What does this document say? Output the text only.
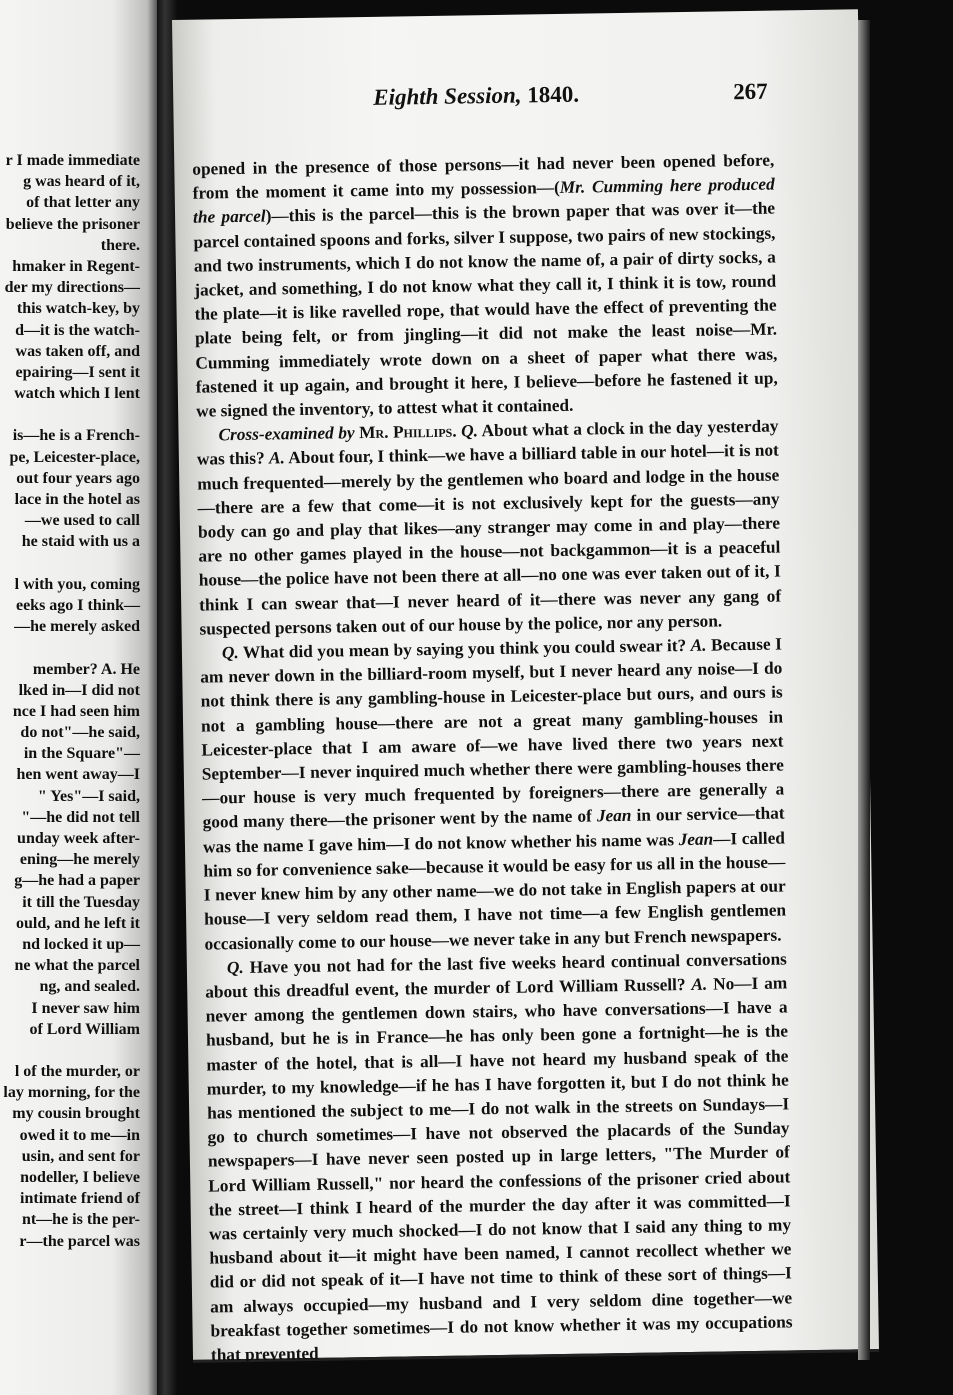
r I made immediate
g was heard of it,
of that letter any
believe the prisoner
there.
hmaker in Regent-
der my directions—
this watch-key, by
d—it is the watch-
was taken off, and
epairing—I sent it
watch which I lent
is—he is a French-
pe, Leicester-place,
out four years ago
lace in the hotel as
—we used to call
he staid with us a
l with you, coming
eeks ago I think—
—he merely asked
member? A. He
lked in—I did not
nce I had seen him
do not"—he said,
in the Square"—
hen went away—I
" Yes"—I said,
"—he did not tell
unday week after-
ening—he merely
g—he had a paper
it till the Tuesday
ould, and he left it
nd locked it up—
ne what the parcel
ng, and sealed.
I never saw him
of Lord William
l of the murder, or
lay morning, for the
my cousin brought
owed it to me—in
usin, and sent for
nodeller, I believe
intimate friend of
nt—he is the per-
r—the parcel was
Eighth Session, 1840.	267

opened in the presence of those persons—it had never been opened before, from the moment it came into my possession—(Mr. Cumming here produced the parcel)—this is the parcel—this is the brown paper that was over it—the parcel contained spoons and forks, silver I suppose, two pairs of new stockings, and two instruments, which I do not know the name of, a pair of dirty socks, a jacket, and something, I do not know what they call it, I think it is tow, round the plate—it is like ravelled rope, that would have the effect of preventing the plate being felt, or from jingling—it did not make the least noise—Mr. Cumming immediately wrote down on a sheet of paper what there was, fastened it up again, and brought it here, I believe—before he fastened it up, we signed the inventory, to attest what it contained.

Cross-examined by Mr. Phillips. Q. About what a clock in the day yesterday was this? A. About four, I think—we have a billiard table in our hotel—it is not much frequented—merely by the gentlemen who board and lodge in the house—there are a few that come—it is not exclusively kept for the guests—any body can go and play that likes—any stranger may come in and play—there are no other games played in the house—not backgammon—it is a peaceful house—the police have not been there at all—no one was ever taken out of it, I think I can swear that—I never heard of it—there was never any gang of suspected persons taken out of our house by the police, nor any person.

Q. What did you mean by saying you think you could swear it? A. Because I am never down in the billiard-room myself, but I never heard any noise—I do not think there is any gambling-house in Leicester-place but ours, and ours is not a gambling house—there are not a great many gambling-houses in Leicester-place that I am aware of—we have lived there two years next September—I never inquired much whether there were gambling-houses there—our house is very much frequented by foreigners—there are generally a good many there—the prisoner went by the name of Jean in our service—that was the name I gave him—I do not know whether his name was Jean—I called him so for convenience sake—because it would be easy for us all in the house—I never knew him by any other name—we do not take in English papers at our house—I very seldom read them, I have not time—a few English gentlemen occasionally come to our house—we never take in any but French newspapers.

Q. Have you not had for the last five weeks heard continual conversations about this dreadful event, the murder of Lord William Russell? A. No—I am never among the gentlemen down stairs, who have conversations—I have a husband, but he is in France—he has only been gone a fortnight—he is the master of the hotel, that is all—I have not heard my husband speak of the murder, to my knowledge—if he has I have forgotten it, but I do not think he has mentioned the subject to me—I do not walk in the streets on Sundays—I go to church sometimes—I have not observed the placards of the Sunday newspapers—I have never seen posted up in large letters, "The Murder of Lord William Russell," nor heard the confessions of the prisoner cried about the street—I think I heard of the murder the day after it was committed—I was certainly very much shocked—I do not know that I said any thing to my husband about it—it might have been named, I cannot recollect whether we did or did not speak of it—I have not time to think of these sort of things—I am always occupied—my husband and I very seldom dine together—we breakfast together sometimes—I do not know whether it was my occupations that prevented
